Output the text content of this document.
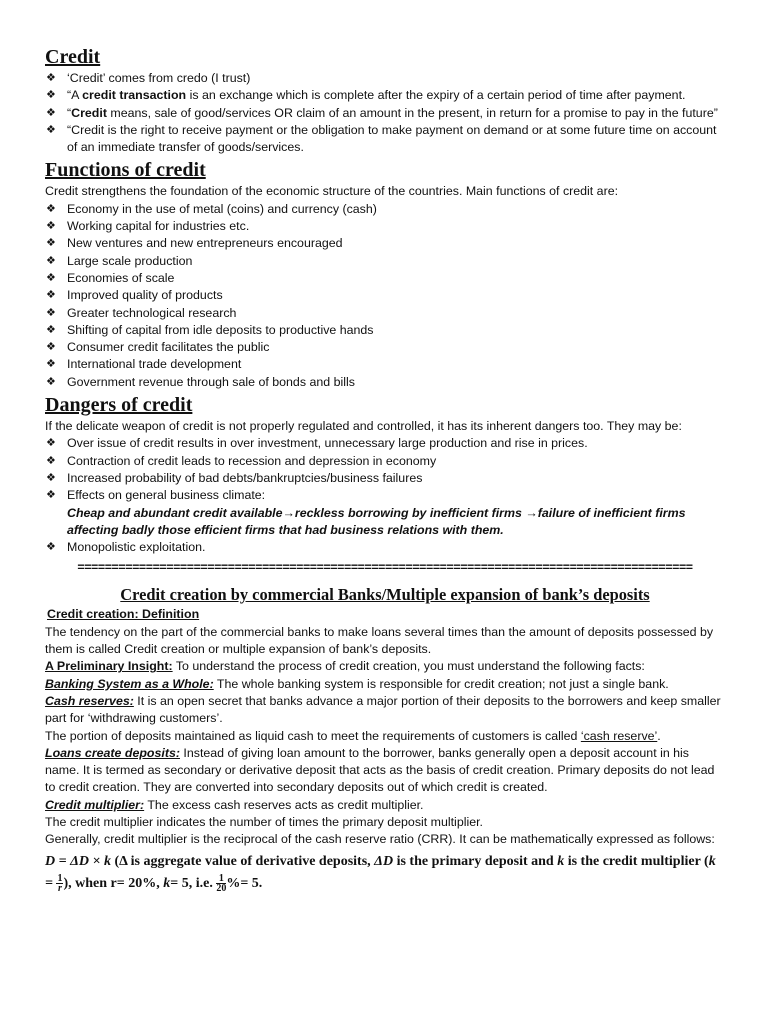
Credit
❖ ‘Credit’ comes from credo (I trust)
❖ “A credit transaction is an exchange which is complete after the expiry of a certain period of time after payment.
❖ “Credit means, sale of good/services OR claim of an amount in the present, in return for a promise to pay in the future”
❖ “Credit is the right to receive payment or the obligation to make payment on demand or at some future time on account of an immediate transfer of goods/services.
Functions of credit

Credit strengthens the foundation of the economic structure of the countries. Main functions of credit are:

❖ Economy in the use of metal (coins) and currency (cash)
❖ Working capital for industries etc.
❖ New ventures and new entrepreneurs encouraged
❖ Large scale production
❖ Economies of scale
❖ Improved quality of products
❖ Greater technological research
❖ Shifting of capital from idle deposits to productive hands
❖ Consumer credit facilitates the public
❖ International trade development
❖ Government revenue through sale of bonds and bills
Dangers of credit

If the delicate weapon of credit is not properly regulated and controlled, it has its inherent dangers too. They may be:

❖ Over issue of credit results in over investment, unnecessary large production and rise in prices.
❖ Contraction of credit leads to recession and depression in economy
❖ Increased probability of bad debts/bankruptcies/business failures
❖ Effects on general business climate:

Cheap and abundant credit available→reckless borrowing by inefficient firms →failure of inefficient firms affecting badly those efficient firms that had business relations with them.

❖ Monopolistic exploitation.
==========================================================================================
Credit creation by commercial Banks/Multiple expansion of bank’s deposits

Credit creation: Definition

The tendency on the part of the commercial banks to make loans several times than the amount of deposits possessed by them is called Credit creation or multiple expansion of bank’s deposits.

A Preliminary Insight: To understand the process of credit creation, you must understand the following facts:

Banking System as a Whole: The whole banking system is responsible for credit creation; not just a single bank.

Cash reserves: It is an open secret that banks advance a major portion of their deposits to the borrowers and keep smaller part for ‘withdrawing customers’.

The portion of deposits maintained as liquid cash to meet the requirements of customers is called ‘cash reserve’.

Loans create deposits: Instead of giving loan amount to the borrower, banks generally open a deposit account in his name. It is termed as secondary or derivative deposit that acts as the basis of credit creation. Primary deposits do not lead to credit creation. They are converted into secondary deposits out of which credit is created.

Credit multiplier: The excess cash reserves acts as credit multiplier.

The credit multiplier indicates the number of times the primary deposit multiplier.

Generally, credit multiplier is the reciprocal of the cash reserve ratio (CRR). It can be mathematically expressed as follows:

D = ΔD × k (Δ is aggregate value of derivative deposits, ΔD is the primary deposit and k is the credit multiplier ($k = \frac{1}{r}$ ), when r= 20%, k= 5, i.e. $\frac{1}{20}$ %= 5.
